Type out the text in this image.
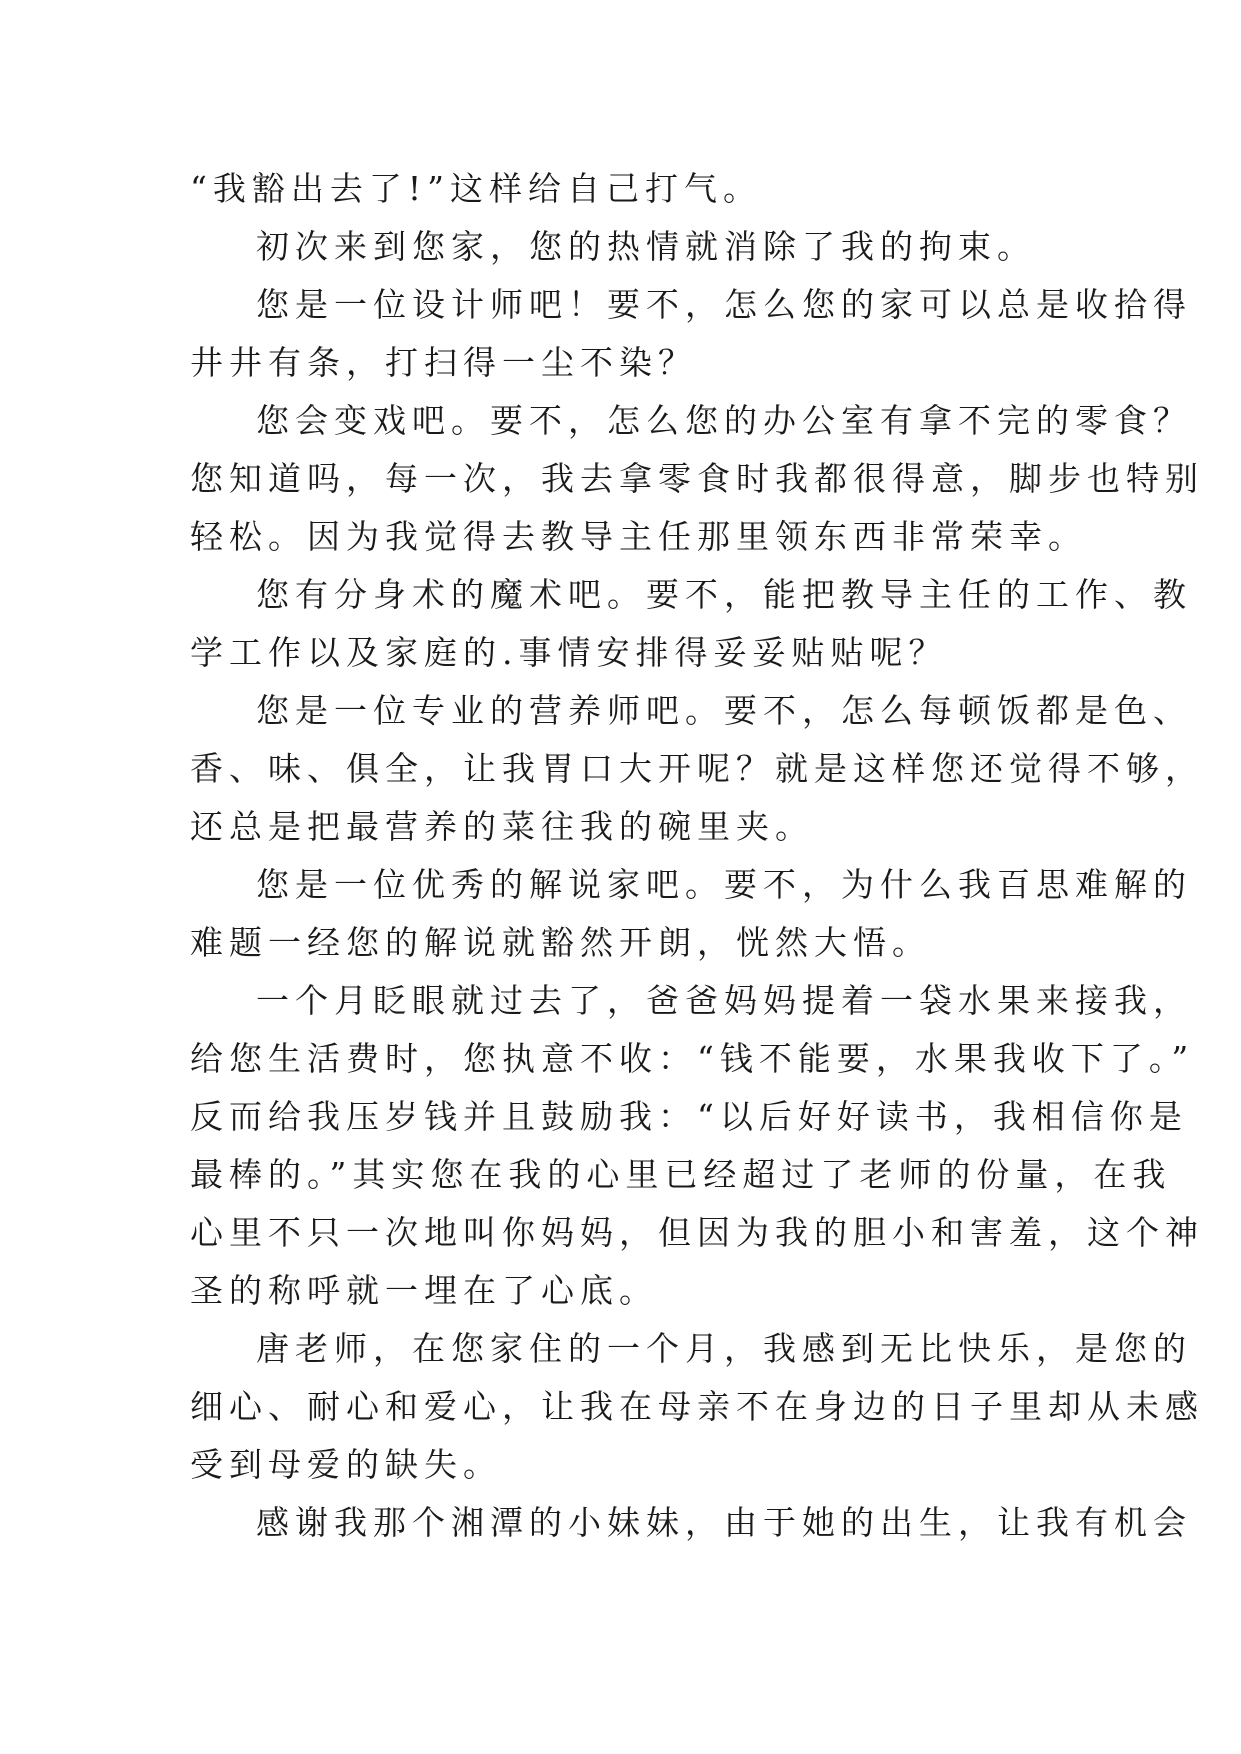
“我豁出去了!”这样给自己打气。
初次来到您家，您的热情就消除了我的拘束。
您是一位设计师吧！要不，怎么您的家可以总是收拾得
井井有条，打扫得一尘不染？
您会变戏吧。要不，怎么您的办公室有拿不完的零食？
您知道吗，每一次，我去拿零食时我都很得意，脚步也特别
轻松。因为我觉得去教导主任那里领东西非常荣幸。
您有分身术的魔术吧。要不，能把教导主任的工作、教
学工作以及家庭的.事情安排得妥妥贴贴呢？
您是一位专业的营养师吧。要不，怎么每顿饭都是色、
香、味、俱全，让我胃口大开呢？就是这样您还觉得不够，
还总是把最营养的菜往我的碗里夹。
您是一位优秀的解说家吧。要不，为什么我百思难解的
难题一经您的解说就豁然开朗，恍然大悟。
一个月眨眼就过去了，爸爸妈妈提着一袋水果来接我，
给您生活费时，您执意不收：“钱不能要，水果我收下了。”
反而给我压岁钱并且鼓励我：“以后好好读书，我相信你是
最棒的。”其实您在我的心里已经超过了老师的份量，在我
心里不只一次地叫你妈妈，但因为我的胆小和害羞，这个神
圣的称呼就一埋在了心底。
唐老师，在您家住的一个月，我感到无比快乐，是您的
细心、耐心和爱心，让我在母亲不在身边的日子里却从未感
受到母爱的缺失。
感谢我那个湘潭的小妹妹，由于她的出生，让我有机会
